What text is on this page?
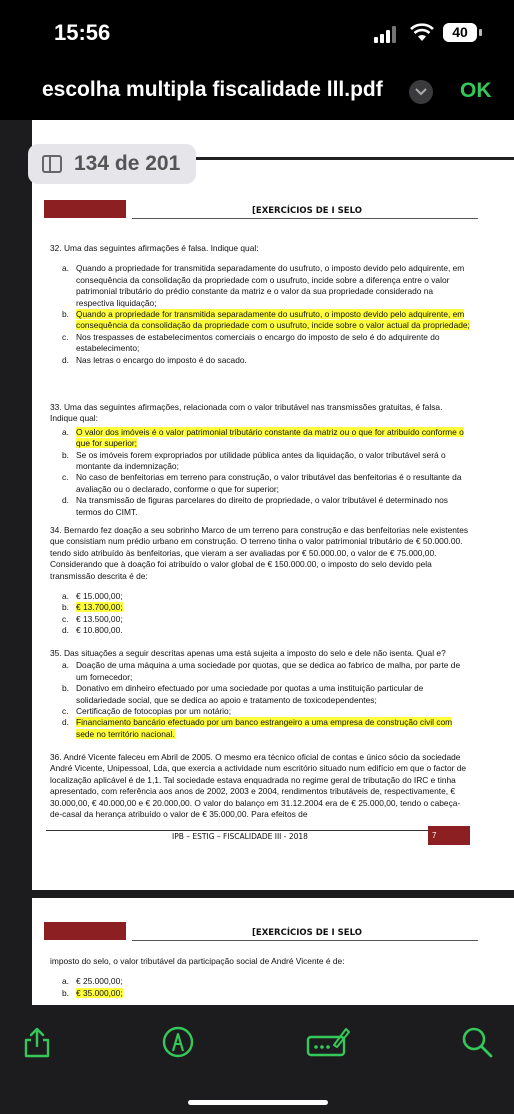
15:56	40
escolha multipla fiscalidade lll.pdf	OK
134 de 201
[EXERCÍCIOS DE I SELO

32. Uma das seguintes afirmações é falsa. Indique qual:

a. Quando a propriedade for transmitida separadamente do usufruto, o imposto devido pelo adquirente, em consequência da consolidação da propriedade com o usufruto, incide sobre a diferença entre o valor patrimonial tributário do prédio constante da matriz e o valor da sua propriedade considerado na respectiva liquidação;
b. Quando a propriedade for transmitida separadamente do usufruto, o imposto devido pelo adquirente, em consequência da consolidação da propriedade com o usufruto, incide sobre o valor actual da propriedade;
c. Nos trespasses de estabelecimentos comerciais o encargo do imposto de selo é do adquirente do estabelecimento;
d. Nas letras o encargo do imposto é do sacado.

33. Uma das seguintes afirmações, relacionada com o valor tributável nas transmissões gratuitas, é falsa. Indique qual:

a. O valor dos imóveis é o valor patrimonial tributário constante da matriz ou o que for atribuído conforme o que for superior;
b. Se os imóveis forem expropriados por utilidade pública antes da liquidação, o valor tributável será o montante da indemnização;
c. No caso de benfeitorias em terreno para construção, o valor tributável das benfeitorias é o resultante da avaliação ou o declarado, conforme o que for superior;
d. Na transmissão de figuras parcelares do direito de propriedade, o valor tributável é determinado nos termos do CIMT.

34. Bernardo fez doação a seu sobrinho Marco de um terreno para construção e das benfeitorias nele existentes que consistiam num prédio urbano em construção. O terreno tinha o valor patrimonial tributário de € 50.000.00. tendo sido atribuído às benfeitorias, que vieram a ser avaliadas por € 50.000.00, o valor de € 75.000,00. Considerando que à doação foi atribuído o valor global de € 150.000.00, o imposto do selo devido pela transmissão descrita é de:

a. € 15.000,00;
b. € 13.700,00;
c. € 13.500,00;
d. € 10.800,00.

35. Das situações a seguir descritas apenas uma está sujeita a imposto do selo e dele não isenta. Qual e?

a. Doação de uma máquina a uma sociedade por quotas, que se dedica ao fabrico de malha, por parte de um fornecedor;
b. Donativo em dinheiro efectuado por uma sociedade por quotas a uma instituição particular de solidariedade social, que se dedica ao apoio e tratamento de toxicodependentes;
c. Certificação de fotocopias por um notário;
d. Financiamento bancário efectuado por um banco estrangeiro a uma empresa de construção civil com sede no território nacional.

36. André Vicente faleceu em Abril de 2005. O mesmo era técnico oficial de contas e único sócio da sociedade André Vicente, Unipessoal, Lda, que exercia a actividade num escritório situado num edifício em que o factor de localização aplicável é de 1,1. Tal sociedade estava enquadrada no regime geral de tributação do IRC e tinha apresentado, com referência aos anos de 2002, 2003 e 2004, rendimentos tributáveis de, respectivamente, € 30.000,00, € 40.000,00 e € 20.000,00. O valor do balanço em 31.12.2004 era de € 25.000,00, tendo o cabeça-de-casal da herança atribuído o valor de € 35.000,00. Para efeitos de

IPB – ESTIG – FISCALIDADE III - 2018	7
[EXERCÍCIOS DE I SELO

imposto do selo, o valor tributável da participação social de André Vicente é de:

a. € 25.000,00;
b. € 35.000,00;
